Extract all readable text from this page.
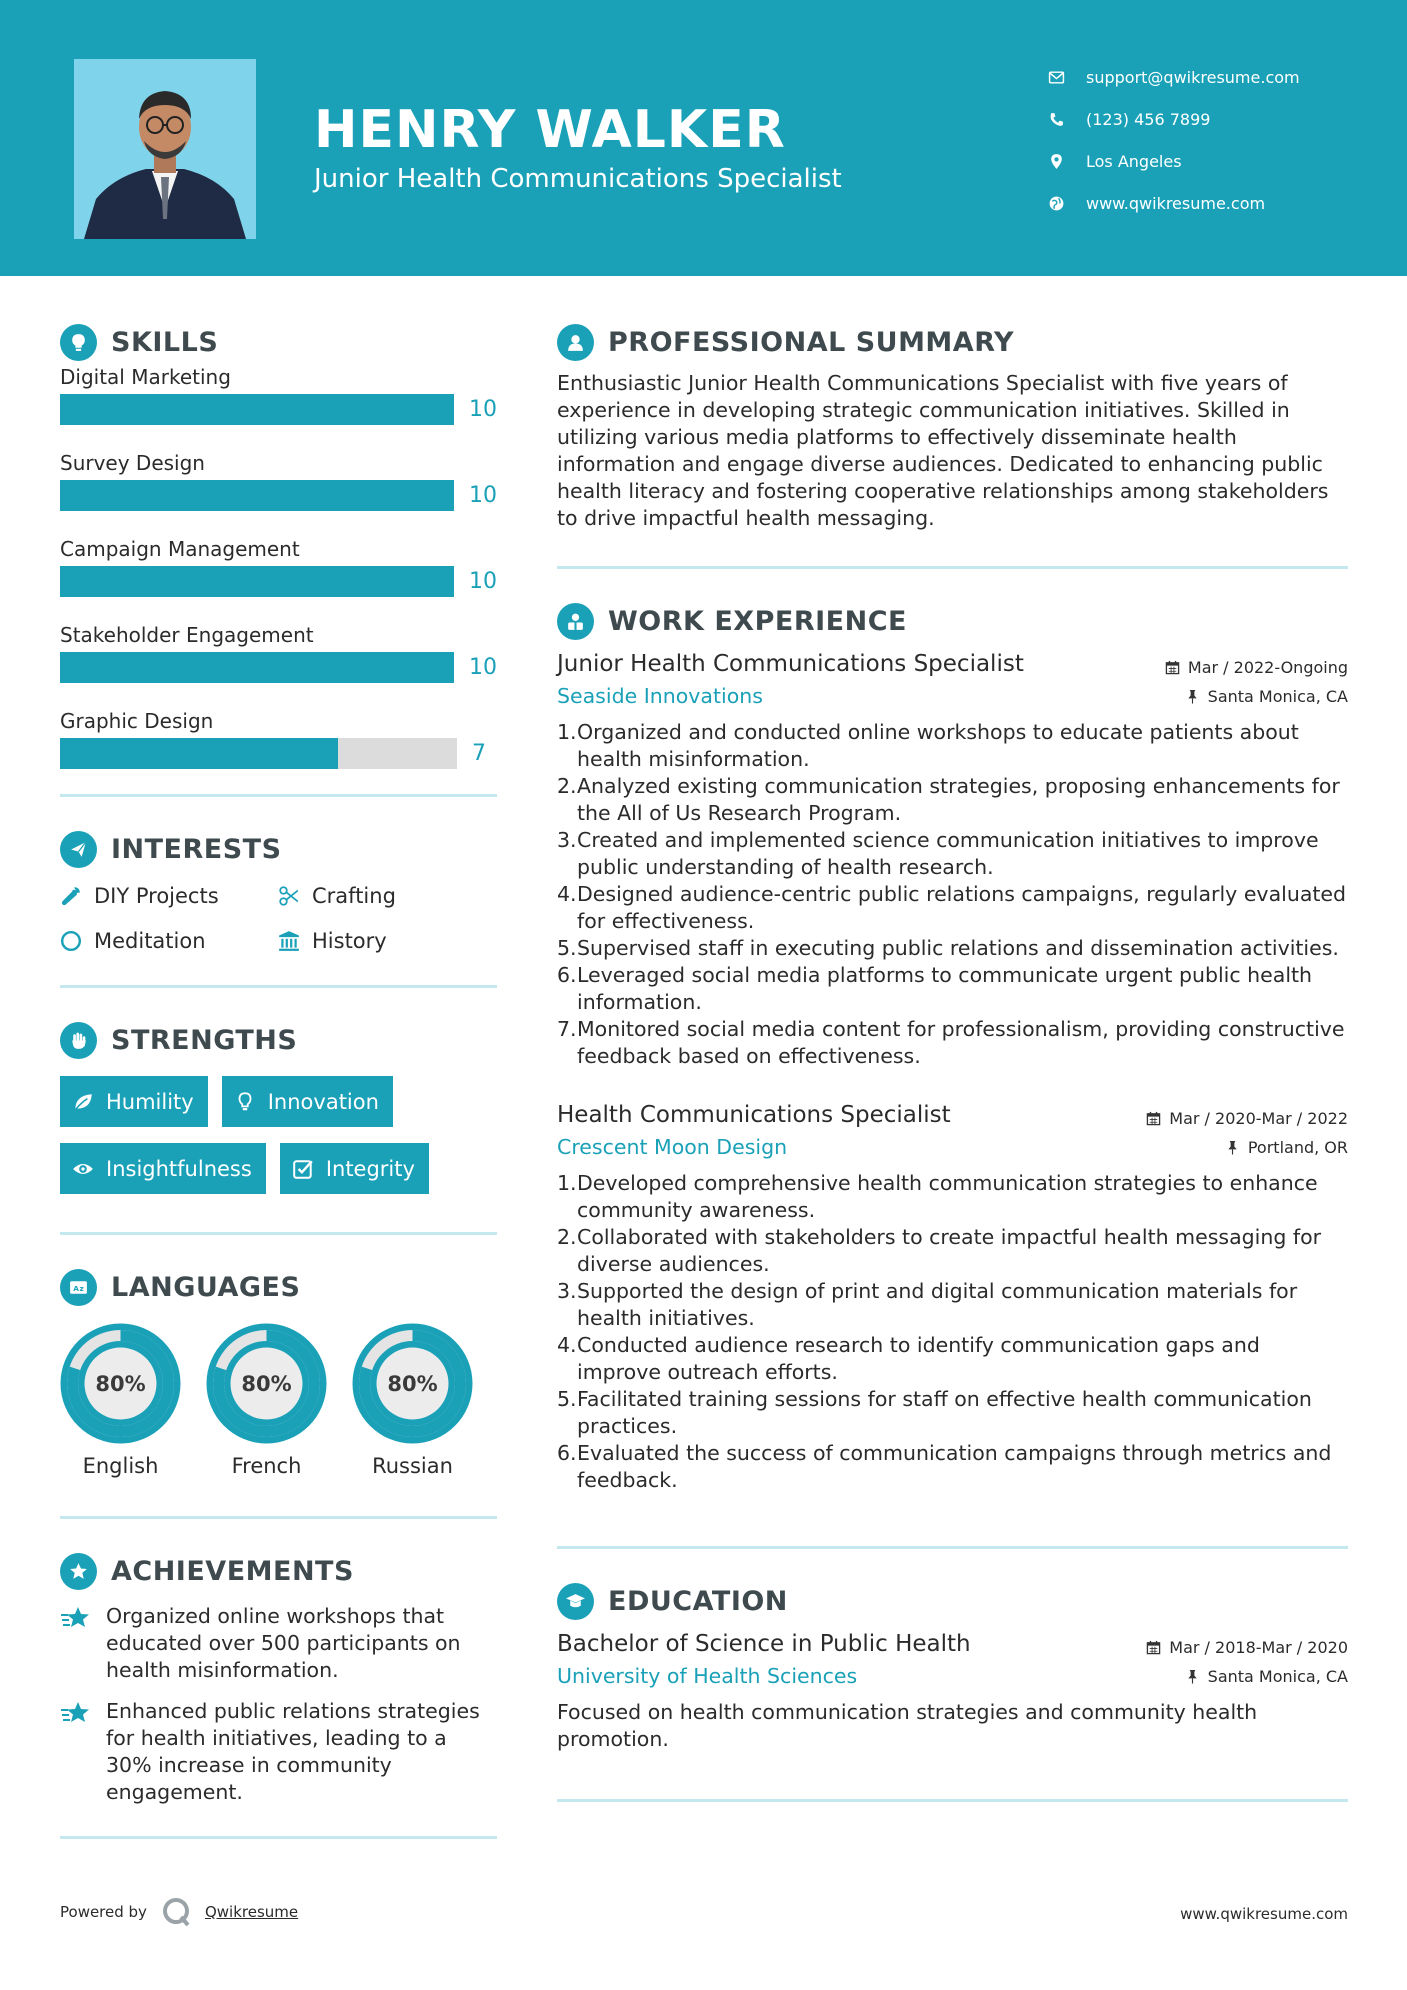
HENRY WALKER
Junior Health Communications Specialist
support@qwikresume.com
(123) 456 7899
Los Angeles
www.qwikresume.com
SKILLS
Digital Marketing
10
Survey Design
10
Campaign Management
10
Stakeholder Engagement
10
Graphic Design
7
INTERESTS
DIY Projects	Crafting
Meditation	History
STRENGTHS
Humility	Innovation
Insightfulness	Integrity
A z LANGUAGES
80%
English
80%
French
80%
Russian
ACHIEVEMENTS
Organized online workshops that educated over 500 participants on health misinformation.
Enhanced public relations strategies for health initiatives, leading to a 30% increase in community engagement.
PROFESSIONAL SUMMARY

Enthusiastic Junior Health Communications Specialist with five years of experience in developing strategic communication initiatives. Skilled in utilizing various media platforms to effectively disseminate health information and engage diverse audiences. Dedicated to enhancing public health literacy and fostering cooperative relationships among stakeholders to drive impactful health messaging.

WORK EXPERIENCE
Junior Health Communications Specialist	Mar / 2022-Ongoing
Seaside Innovations	Santa Monica, CA
1. Organized and conducted online workshops to educate patients about health misinformation.
2. Analyzed existing communication strategies, proposing enhancements for the All of Us Research Program.
3. Created and implemented science communication initiatives to improve public understanding of health research.
4. Designed audience-centric public relations campaigns, regularly evaluated for effectiveness.
5. Supervised staff in executing public relations and dissemination activities.
6. Leveraged social media platforms to communicate urgent public health information.
7. Monitored social media content for professionalism, providing constructive feedback based on effectiveness.
Health Communications Specialist	Mar / 2020-Mar / 2022
Crescent Moon Design	Portland, OR
1. Developed comprehensive health communication strategies to enhance community awareness.
2. Collaborated with stakeholders to create impactful health messaging for diverse audiences.
3. Supported the design of print and digital communication materials for health initiatives.
4. Conducted audience research to identify communication gaps and improve outreach efforts.
5. Facilitated training sessions for staff on effective health communication practices.
6. Evaluated the success of communication campaigns through metrics and feedback.
EDUCATION
Bachelor of Science in Public Health	Mar / 2018-Mar / 2020
University of Health Sciences	Santa Monica, CA

Focused on health communication strategies and community health promotion.

Powered by	Qwikresume	www.qwikresume.com
